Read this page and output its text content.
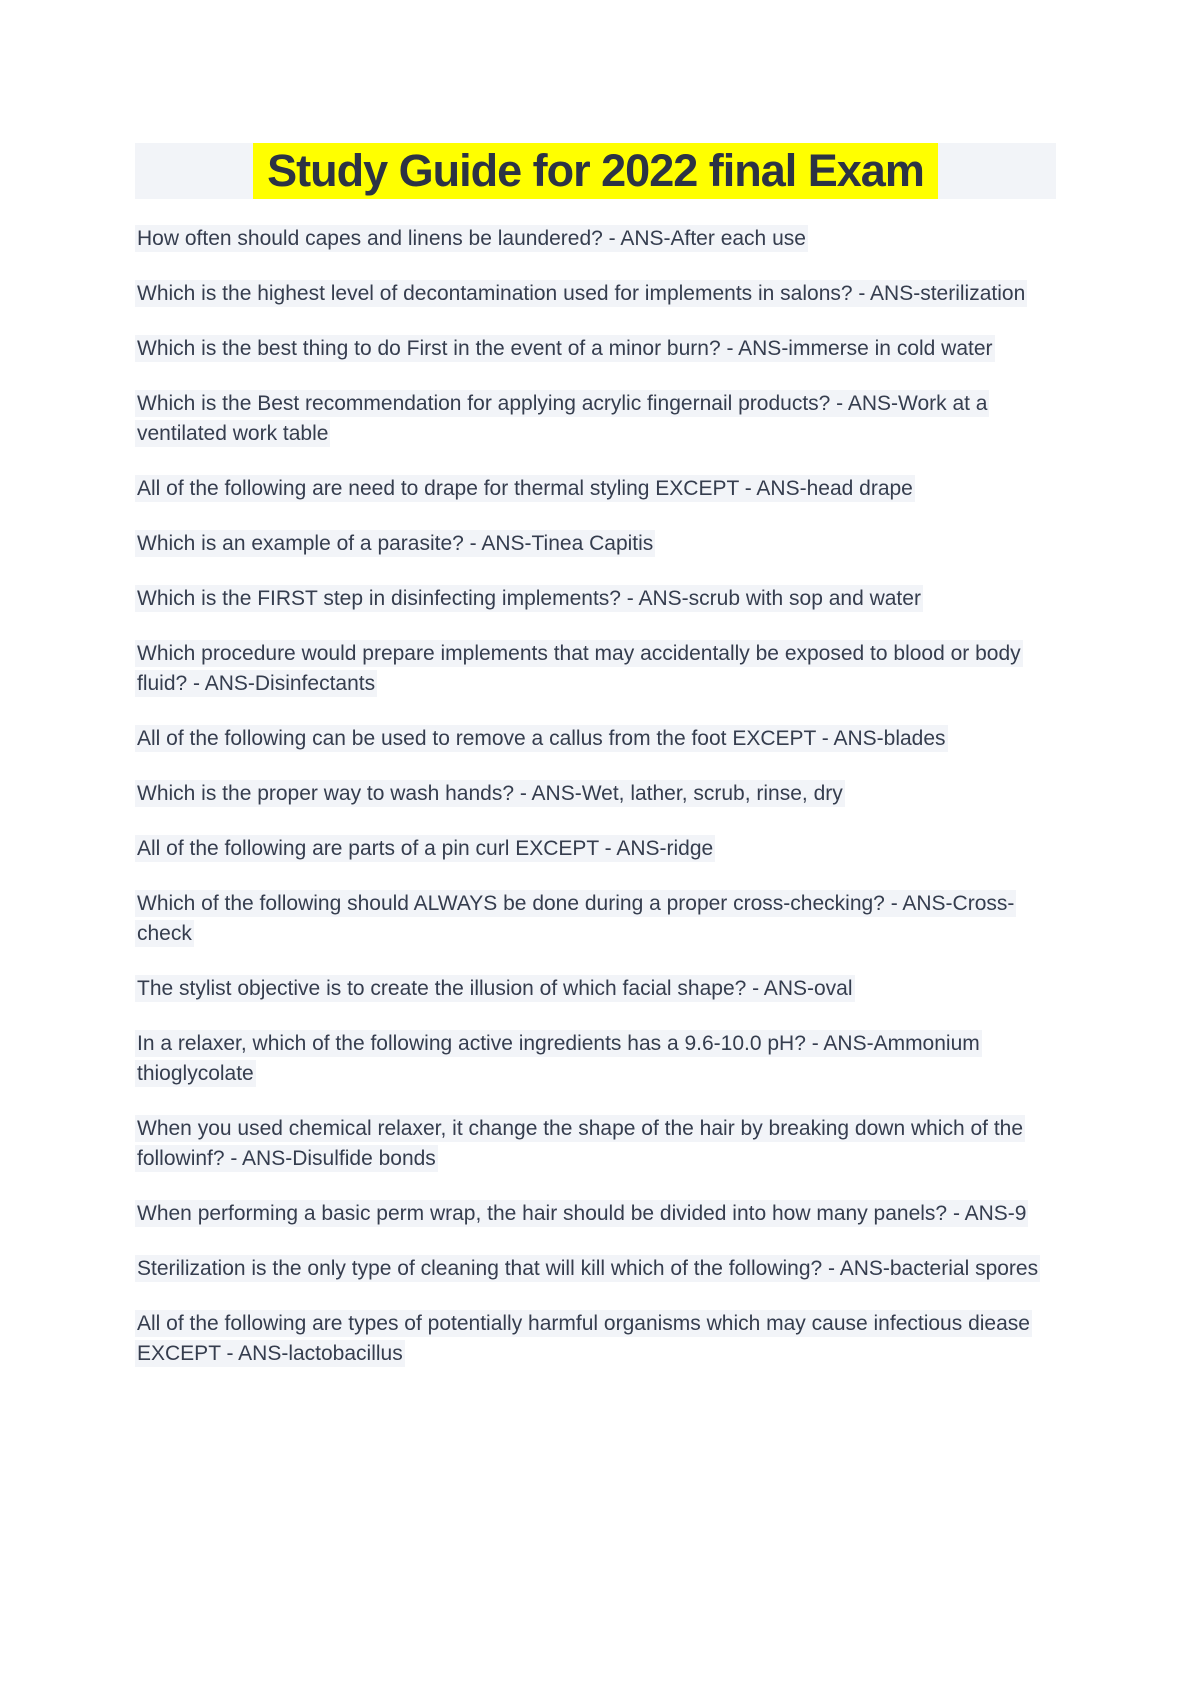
Study Guide for 2022 final Exam

How often should capes and linens be laundered? - ANS-After each use

Which is the highest level of decontamination used for implements in salons? - ANS-sterilization

Which is the best thing to do First in the event of a minor burn? - ANS-immerse in cold water

Which is the Best recommendation for applying acrylic fingernail products? - ANS-Work at a ventilated work table

All of the following are need to drape for thermal styling EXCEPT - ANS-head drape

Which is an example of a parasite? - ANS-Tinea Capitis

Which is the FIRST step in disinfecting implements? - ANS-scrub with sop and water

Which procedure would prepare implements that may accidentally be exposed to blood or body fluid? - ANS-Disinfectants

All of the following can be used to remove a callus from the foot EXCEPT - ANS-blades

Which is the proper way to wash hands? - ANS-Wet, lather, scrub, rinse, dry

All of the following are parts of a pin curl EXCEPT - ANS-ridge

Which of the following should ALWAYS be done during a proper cross-checking? - ANS-Cross-check

The stylist objective is to create the illusion of which facial shape? - ANS-oval

In a relaxer, which of the following active ingredients has a 9.6-10.0 pH? - ANS-Ammonium thioglycolate

When you used chemical relaxer, it change the shape of the hair by breaking down which of the followinf? - ANS-Disulfide bonds

When performing a basic perm wrap, the hair should be divided into how many panels? - ANS-9

Sterilization is the only type of cleaning that will kill which of the following? - ANS-bacterial spores

All of the following are types of potentially harmful organisms which may cause infectious diease EXCEPT - ANS-lactobacillus
